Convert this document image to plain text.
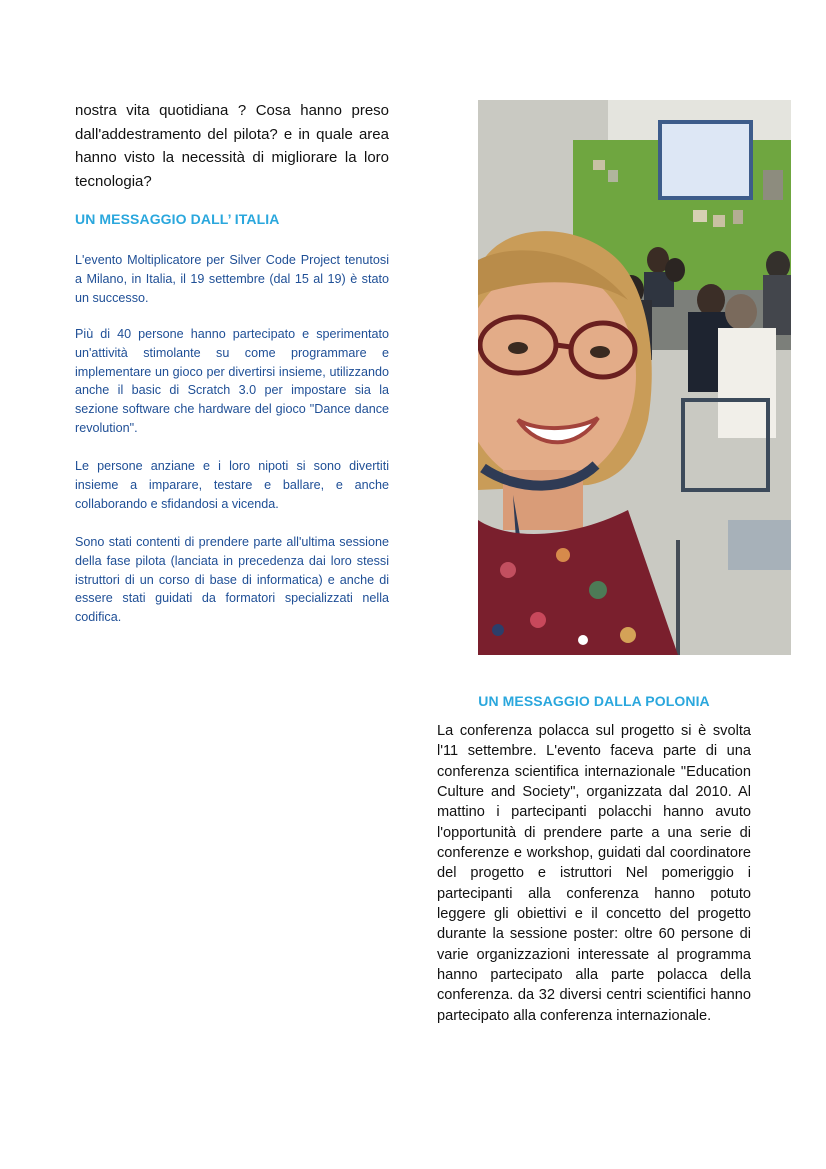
nostra vita quotidiana ? Cosa hanno preso dall'addestramento del pilota? e in quale area hanno visto la necessità di migliorare la loro tecnologia?

UN MESSAGGIO DALL’ ITALIA

L'evento Moltiplicatore per Silver Code Project tenutosi a Milano, in Italia, il 19 settembre (dal 15 al 19) è stato un successo.

Più di 40 persone hanno partecipato e sperimentato un'attività stimolante su come programmare e implementare un gioco per divertirsi insieme, utilizzando anche il basic di Scratch 3.0 per impostare sia la sezione software che hardware del gioco "Dance dance revolution".

Le persone anziane e i loro nipoti si sono divertiti insieme a imparare, testare e ballare, e anche collaborando e sfidandosi a vicenda.

Sono stati contenti di prendere parte all'ultima sessione della fase pilota (lanciata in precedenza dai loro stessi istruttori di un corso di base di informatica) e anche di essere stati guidati da formatori specializzati nella codifica.

UN MESSAGGIO DALLA POLONIA

La conferenza polacca sul progetto si è svolta l'11 settembre. L'evento faceva parte di una conferenza scientifica internazionale "Education Culture and Society", organizzata dal 2010. Al mattino i partecipanti polacchi hanno avuto l'opportunità di prendere parte a una serie di conferenze e workshop, guidati dal coordinatore del progetto e istruttori Nel pomeriggio i partecipanti alla conferenza hanno potuto leggere gli obiettivi e il concetto del progetto durante la sessione poster: oltre 60 persone di varie organizzazioni interessate al programma hanno partecipato alla parte polacca della conferenza. da 32 diversi centri scientifici hanno partecipato alla conferenza internazionale.
